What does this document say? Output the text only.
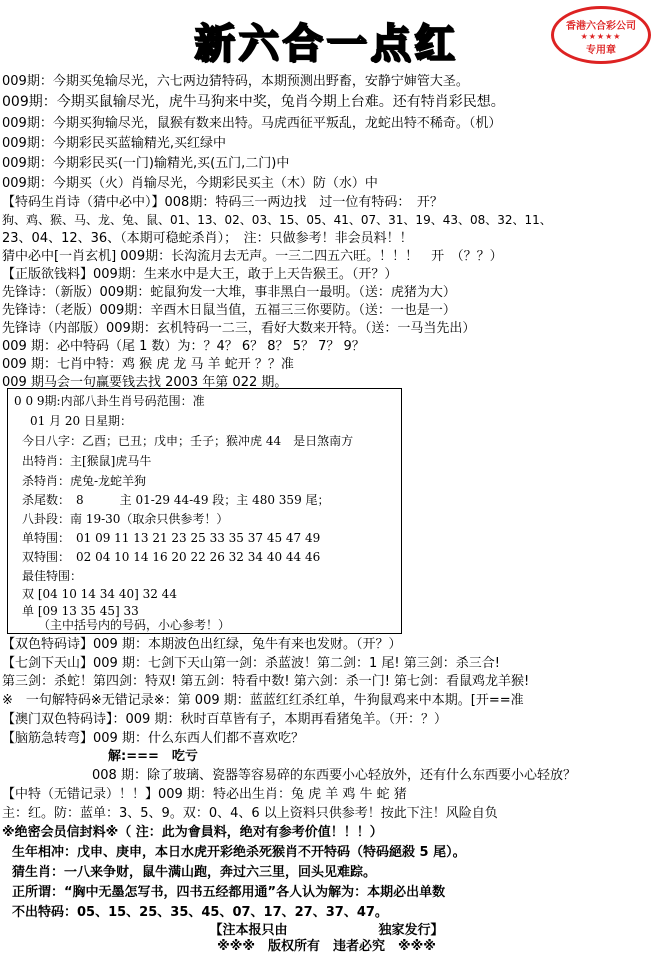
新六合一点红	香港六合彩公司
★★★★★
专用章
009期：今期买兔输尽光，六七两边猜特码，本期预测出野畜，安静宁婶管大圣。
009期：今期买鼠输尽光，虎牛马狗来中奖，兔肖今期上台难。还有特肖彩民想。
009期：今期买狗输尽光，鼠猴有数来出特。马虎西征平叛乱，龙蛇出特不稀奇。（机）
009期：今期彩民买蓝输精光,买红绿中
009期：今期彩民买(一门)输精光,买(五门,二门)中
009期：今期买（火）肖输尽光，今期彩民买主（木）防（水）中
【特码生肖诗（猜中必中）】008期：特码三一两边找　过一位有特码：　开？
狗、鸡、猴、马、龙、兔、鼠、01、13、02、03、15、05、41、07、31、19、43、08、32、11、
23、04、12、36、（本期可稳蛇杀肖）；　注：只做参考！非会员料！！
猜中必中[一肖玄机] 009期：长沟流月去无声。一三二四五六旺。！！！　开　（？？）
【正版欲钱料】009期：生来水中是大王，敢于上天告猴王。（开？）
先锋诗：（新版）009期：蛇鼠狗发一大堆，事非黑白一最明。（送：虎猪为大）
先锋诗：（老版）009期：辛酉木日鼠当值，五福三三你要防。（送：一也是一）
先锋诗（内部版）009期：玄机特码一二三，看好大数来开特。（送：一马当先出）
009 期：必中特码（尾 1 数）为：？4？ 6？ 8？ 5？ 7？ 9？
009 期：七肖中特：鸡 猴 虎 龙 马 羊 蛇开 ？？准
009 期马会一句赢要钱去找 2003 年第 022 期。
0 0 9期:内部八卦生肖号码范围：准
01 月 20 日星期：
今日八字：乙酉；已丑；戊申；壬子；猴冲虎 44　是日煞南方
出特肖：主[猴鼠]虎马牛
杀特肖：虎兔-龙蛇羊狗
杀尾数：　8　　　主 01-29 44-49 段；主 480 359 尾；
八卦段：南 19-30（取余只供参考！）
单特围：　01 09 11 13 21 23 25 33 35 37 45 47 49
双特围：　02 04 10 14 16 20 22 26 32 34 40 44 46
最佳特围：
双 [04 10 14 34 40] 32 44
单 [09 13 35 45] 33
（主中括号内的号码，小心参考！）
【双色特码诗】009 期：本期波色出红绿，兔牛有来也发财。（开？）
【七剑下天山】009 期：七剑下天山第一剑：杀蓝波！第二剑：1 尾! 第三剑：杀三合!
第三剑：杀蛇！第四剑：特双! 第五剑：特看中数! 第六剑：杀一门! 第七剑：看鼠鸡龙羊猴!
※　一句解特码※无错记录※：第 009 期：蓝蓝红红杀红单，牛狗鼠鸡来中本期。[开==准
【澳门双色特码诗】：009 期：秋时百草皆有子，本期再看猪兔羊。（开：？）
【脑筋急转弯】009 期：什么东西人们都不喜欢吃？
解:===　吃亏
008 期：除了玻璃、瓷器等容易碎的东西要小心轻放外，还有什么东西要小心轻放？
【中特（无错记录）！！】009 期：特必出生肖：兔 虎 羊 鸡 牛 蛇 猪
主：红。防：蓝单：3、5、9。双：0、4、6 以上资料只供参考！按此下注！风险自负
※绝密会员信封料※（ 注：此为會員料，绝对有参考价值！！！）
生年相冲：戊申、庚申，本日水虎开彩绝杀死猴肖不开特码（特码絕殺 5 尾）。
猜生肖：一八来争财，鼠牛满山跑，奔过六三里，回头见难踪。
正所谓：“胸中无墨怎写书，四书五经都用通”各人认为解为：本期必出单数
不出特码：05、15、25、35、45、07、17、27、37、47。
【注本报只由　　　　　　　独家发行】
※※※　版权所有　违者必究　※※※
